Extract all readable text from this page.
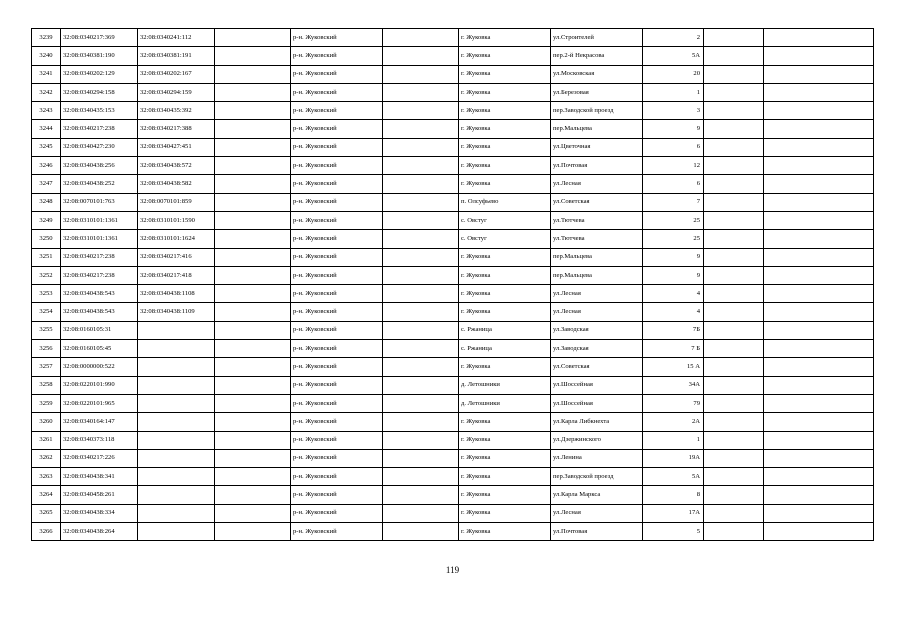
3239	32:08:0340217:369	32:08:0340241:112		р-н. Жуковский		г. Жуковка	ул.Строителей	2		
3240	32:08:0340381:190	32:08:0340381:191		р-н. Жуковский		г. Жуковка	пер.2-й Некрасова	5А		
3241	32:08:0340202:129	32:08:0340202:167		р-н. Жуковский		г. Жуковка	ул.Московская	20		
3242	32:08:0340294:158	32:08:0340294:159		р-н. Жуковский		г. Жуковка	ул.Березовая	1		
3243	32:08:0340435:153	32:08:0340435:392		р-н. Жуковский		г. Жуковка	пер.Заводской проезд	3		
3244	32:08:0340217:238	32:08:0340217:388		р-н. Жуковский		г. Жуковка	пер.Мальцева	9		
3245	32:08:0340427:230	32:08:0340427:451		р-н. Жуковский		г. Жуковка	ул.Цветочная	6		
3246	32:08:0340438:256	32:08:0340438:572		р-н. Жуковский		г. Жуковка	ул.Почтовая	12		
3247	32:08:0340438:252	32:08:0340438:582		р-н. Жуковский		г. Жуковка	ул.Лесная	6		
3248	32:08:0070101:763	32:08:0070101:859		р-н. Жуковский		п. Олсуфьево	ул.Советская	7		
3249	32:08:0310101:1361	32:08:0310101:1590		р-н. Жуковский		с. Овстуг	ул.Тютчева	25		
3250	32:08:0310101:1361	32:08:0310101:1624		р-н. Жуковский		с. Овстуг	ул.Тютчева	25		
3251	32:08:0340217:238	32:08:0340217:416		р-н. Жуковский		г. Жуковка	пер.Мальцева	9		
3252	32:08:0340217:238	32:08:0340217:418		р-н. Жуковский		г. Жуковка	пер.Мальцева	9		
3253	32:08:0340438:543	32:08:0340438:1108		р-н. Жуковский		г. Жуковка	ул.Лесная	4		
3254	32:08:0340438:543	32:08:0340438:1109		р-н. Жуковский		г. Жуковка	ул.Лесная	4		
3255	32:08:0160105:31			р-н. Жуковский		с. Ржаница	ул.Заводская	7Б		
3256	32:08:0160105:45			р-н. Жуковский		с. Ржаница	ул.Заводская	7 Б		
3257	32:08:0000000:522			р-н. Жуковский		г. Жуковка	ул.Советская	15 А		
3258	32:08:0220101:990			р-н. Жуковский		д. Летошники	ул.Шоссейная	34А		
3259	32:08:0220101:965			р-н. Жуковский		д. Летошники	ул.Шоссейная	79		
3260	32:08:0340164:147			р-н. Жуковский		г. Жуковка	ул.Карла Либкнехта	2А		
3261	32:08:0340373:118			р-н. Жуковский		г. Жуковка	ул.Дзержинского	1		
3262	32:08:0340217:226			р-н. Жуковский		г. Жуковка	ул.Ленина	19А		
3263	32:08:0340438:341			р-н. Жуковский		г. Жуковка	пер.Заводской проезд	5А		
3264	32:08:0340458:261			р-н. Жуковский		г. Жуковка	ул.Карла Маркса	8		
3265	32:08:0340438:334			р-н. Жуковский		г. Жуковка	ул.Лесная	17А		
3266	32:08:0340438:264			р-н. Жуковский		г. Жуковка	ул.Почтовая	5		
119
